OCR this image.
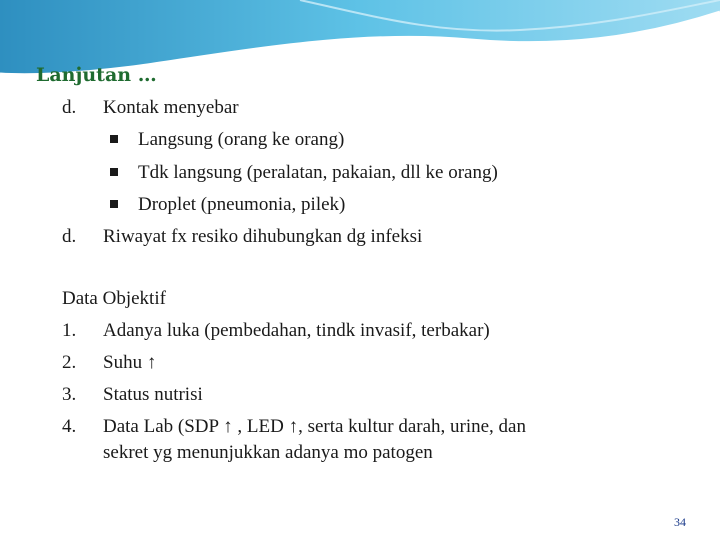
Lanjutan …
d. Kontak menyebar
Langsung (orang ke orang)
Tdk langsung (peralatan, pakaian, dll ke orang)
Droplet (pneumonia, pilek)
d. Riwayat fx resiko dihubungkan dg infeksi
Data Objektif
1. Adanya luka (pembedahan, tindk invasif, terbakar)
2. Suhu ↑
3. Status nutrisi
4. Data Lab (SDP ↑ , LED ↑, serta kultur darah, urine, dan
sekret yg menunjukkan adanya mo patogen
34
